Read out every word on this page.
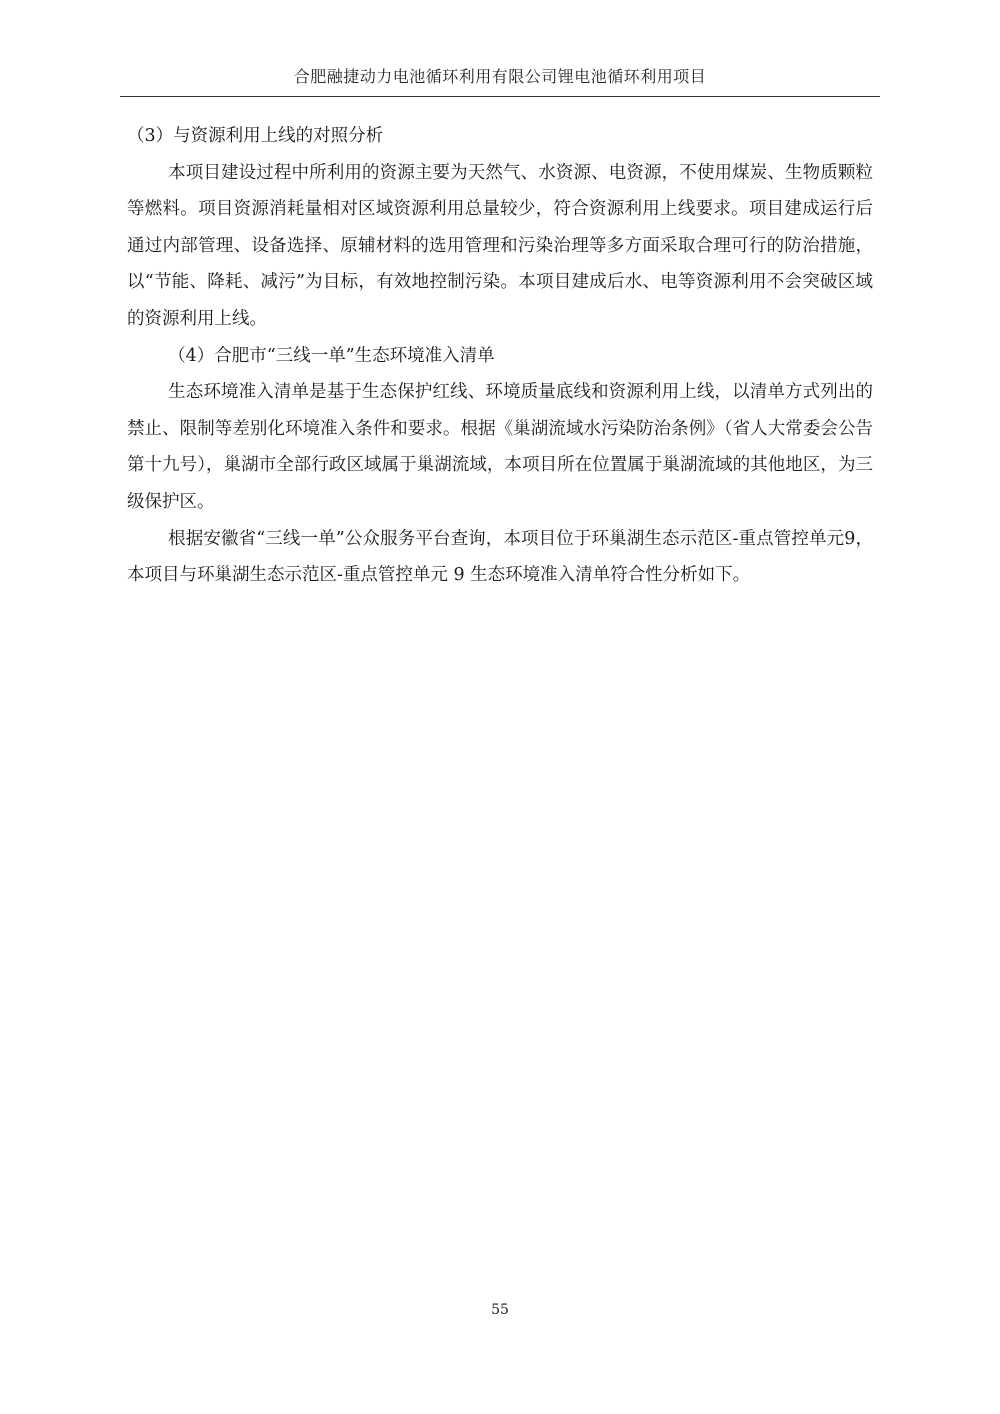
合肥融捷动力电池循环利用有限公司锂电池循环利用项目

（3）与资源利用上线的对照分析

本项目建设过程中所利用的资源主要为天然气、水资源、电资源，不使用煤炭、生物质颗粒等燃料。项目资源消耗量相对区域资源利用总量较少，符合资源利用上线要求。项目建成运行后通过内部管理、设备选择、原辅材料的选用管理和污染治理等多方面采取合理可行的防治措施，以“节能、降耗、减污”为目标，有效地控制污染。本项目建成后水、电等资源利用不会突破区域的资源利用上线。

（4）合肥市“三线一单”生态环境准入清单

生态环境准入清单是基于生态保护红线、环境质量底线和资源利用上线，以清单方式列出的禁止、限制等差别化环境准入条件和要求。根据《巢湖流域水污染防治条例》（省人大常委会公告第十九号），巢湖市全部行政区域属于巢湖流域，本项目所在位置属于巢湖流域的其他地区，为三级保护区。

根据安徽省“三线一单”公众服务平台查询，本项目位于环巢湖生态示范区-重点管控单元9，本项目与环巢湖生态示范区-重点管控单元 9 生态环境准入清单符合性分析如下。

55
